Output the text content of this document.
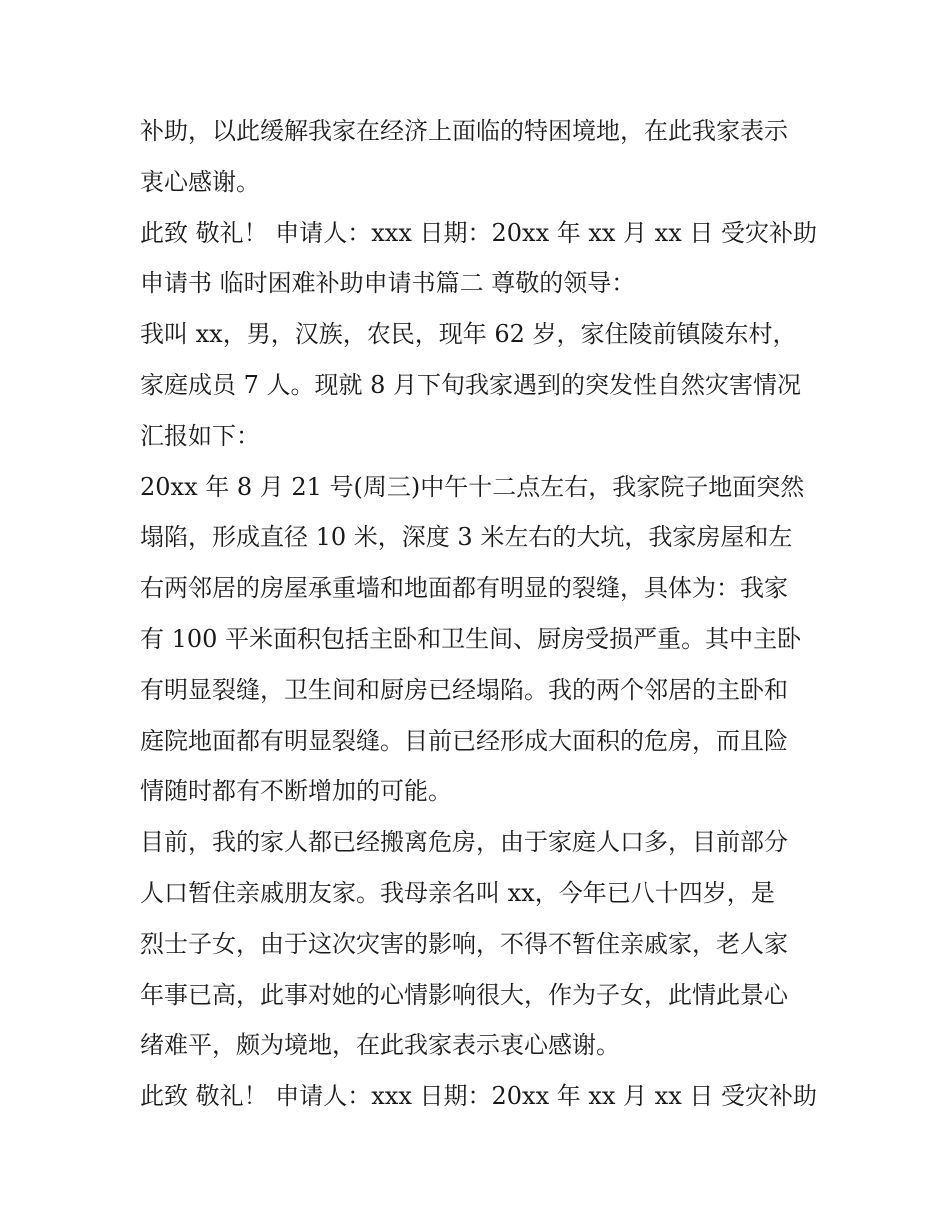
补助，以此缓解我家在经济上面临的特困境地，在此我家表示
衷心感谢。
此致 敬礼！ 申请人：xxx 日期：20xx 年 xx 月 xx 日 受灾补助
申请书 临时困难补助申请书篇二 尊敬的领导：
我叫 xx，男，汉族，农民，现年 62 岁，家住陵前镇陵东村，
家庭成员 7 人。现就 8 月下旬我家遇到的突发性自然灾害情况
汇报如下：
20xx 年 8 月 21 号(周三)中午十二点左右，我家院子地面突然
塌陷，形成直径 10 米，深度 3 米左右的大坑，我家房屋和左
右两邻居的房屋承重墙和地面都有明显的裂缝，具体为：我家
有 100 平米面积包括主卧和卫生间、厨房受损严重。其中主卧
有明显裂缝，卫生间和厨房已经塌陷。我的两个邻居的主卧和
庭院地面都有明显裂缝。目前已经形成大面积的危房，而且险
情随时都有不断增加的可能。
目前，我的家人都已经搬离危房，由于家庭人口多，目前部分
人口暂住亲戚朋友家。我母亲名叫 xx，今年已八十四岁，是
烈士子女，由于这次灾害的影响，不得不暂住亲戚家，老人家
年事已高，此事对她的心情影响很大，作为子女，此情此景心
绪难平，颇为境地，在此我家表示衷心感谢。
此致 敬礼！ 申请人：xxx 日期：20xx 年 xx 月 xx 日 受灾补助
